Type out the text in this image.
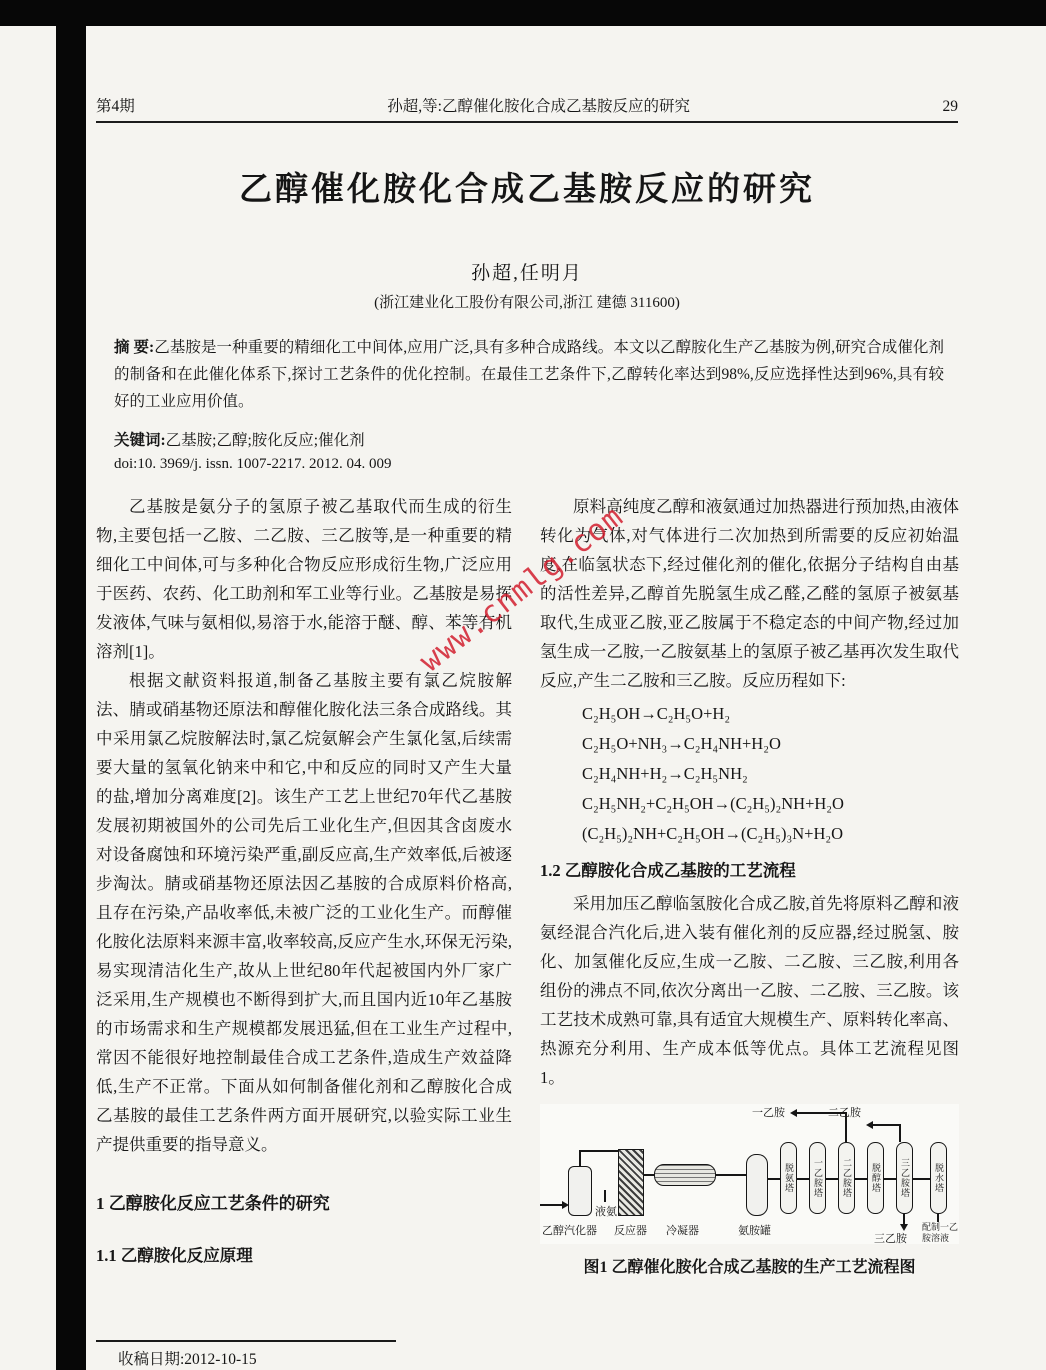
www.cnmlg.com
第4期	孙超,等:乙醇催化胺化合成乙基胺反应的研究	29
乙醇催化胺化合成乙基胺反应的研究
孙超,任明月
(浙江建业化工股份有限公司,浙江 建德 311600)
摘 要:乙基胺是一种重要的精细化工中间体,应用广泛,具有多种合成路线。本文以乙醇胺化生产乙基胺为例,研究合成催化剂的制备和在此催化体系下,探讨工艺条件的优化控制。在最佳工艺条件下,乙醇转化率达到98%,反应选择性达到96%,具有较好的工业应用价值。
关键词:乙基胺;乙醇;胺化反应;催化剂
doi:10. 3969/j. issn. 1007-2217. 2012. 04. 009

乙基胺是氨分子的氢原子被乙基取代而生成的衍生物,主要包括一乙胺、二乙胺、三乙胺等,是一种重要的精细化工中间体,可与多种化合物反应形成衍生物,广泛应用于医药、农药、化工助剂和军工业等行业。乙基胺是易挥发液体,气味与氨相似,易溶于水,能溶于醚、醇、苯等有机溶剂[1]。

根据文献资料报道,制备乙基胺主要有氯乙烷胺解法、腈或硝基物还原法和醇催化胺化法三条合成路线。其中采用氯乙烷胺解法时,氯乙烷氨解会产生氯化氢,后续需要大量的氢氧化钠来中和它,中和反应的同时又产生大量的盐,增加分离难度[2]。该生产工艺上世纪70年代乙基胺发展初期被国外的公司先后工业化生产,但因其含卤废水对设备腐蚀和环境污染严重,副反应高,生产效率低,后被逐步淘汰。腈或硝基物还原法因乙基胺的合成原料价格高,且存在污染,产品收率低,未被广泛的工业化生产。而醇催化胺化法原料来源丰富,收率较高,反应产生水,环保无污染,易实现清洁化生产,故从上世纪80年代起被国内外厂家广泛采用,生产规模也不断得到扩大,而且国内近10年乙基胺的市场需求和生产规模都发展迅猛,但在工业生产过程中,常因不能很好地控制最佳合成工艺条件,造成生产效益降低,生产不正常。下面从如何制备催化剂和乙醇胺化合成乙基胺的最佳工艺条件两方面开展研究,以验实际工业生产提供重要的指导意义。

1 乙醇胺化反应工艺条件的研究
1.1 乙醇胺化反应原理

原料高纯度乙醇和液氨通过加热器进行预加热,由液体转化为气体,对气体进行二次加热到所需要的反应初始温度,在临氢状态下,经过催化剂的催化,依据分子结构自由基的活性差异,乙醇首先脱氢生成乙醛,乙醛的氢原子被氨基取代,生成亚乙胺,亚乙胺属于不稳定态的中间产物,经过加氢生成一乙胺,一乙胺氨基上的氢原子被乙基再次发生取代反应,产生二乙胺和三乙胺。反应历程如下:

C₂H₅OH→C₂H₅O+H₂
C₂H₅O+NH₃→C₂H₄NH+H₂O
C₂H₄NH+H₂→C₂H₅NH₂
C₂H₅NH₂+C₂H₅OH→(C₂H₅)₂NH+H₂O
(C₂H₅)₂NH+C₂H₅OH→(C₂H₅)₃N+H₂O
1.2 乙醇胺化合成乙基胺的工艺流程

采用加压乙醇临氢胺化合成乙胺,首先将原料乙醇和液氨经混合汽化后,进入装有催化剂的反应器,经过脱氢、胺化、加氢催化反应,生成一乙胺、二乙胺、三乙胺,利用各组份的沸点不同,依次分离出一乙胺、二乙胺、三乙胺。该工艺技术成熟可靠,具有适宜大规模生产、原料转化率高、热源充分利用、生产成本低等优点。具体工艺流程见图1。

一乙胺	二乙胺
乙醇 汽化器
液氨
反应器 冷凝器	氨胺罐
脱氨塔 一乙胺塔 二乙胺塔 脱醇塔 三乙胺塔	脱水塔
三乙胺
配制一乙胺溶液
图1 乙醇催化胺化合成乙基胺的生产工艺流程图
收稿日期:2012-10-15
